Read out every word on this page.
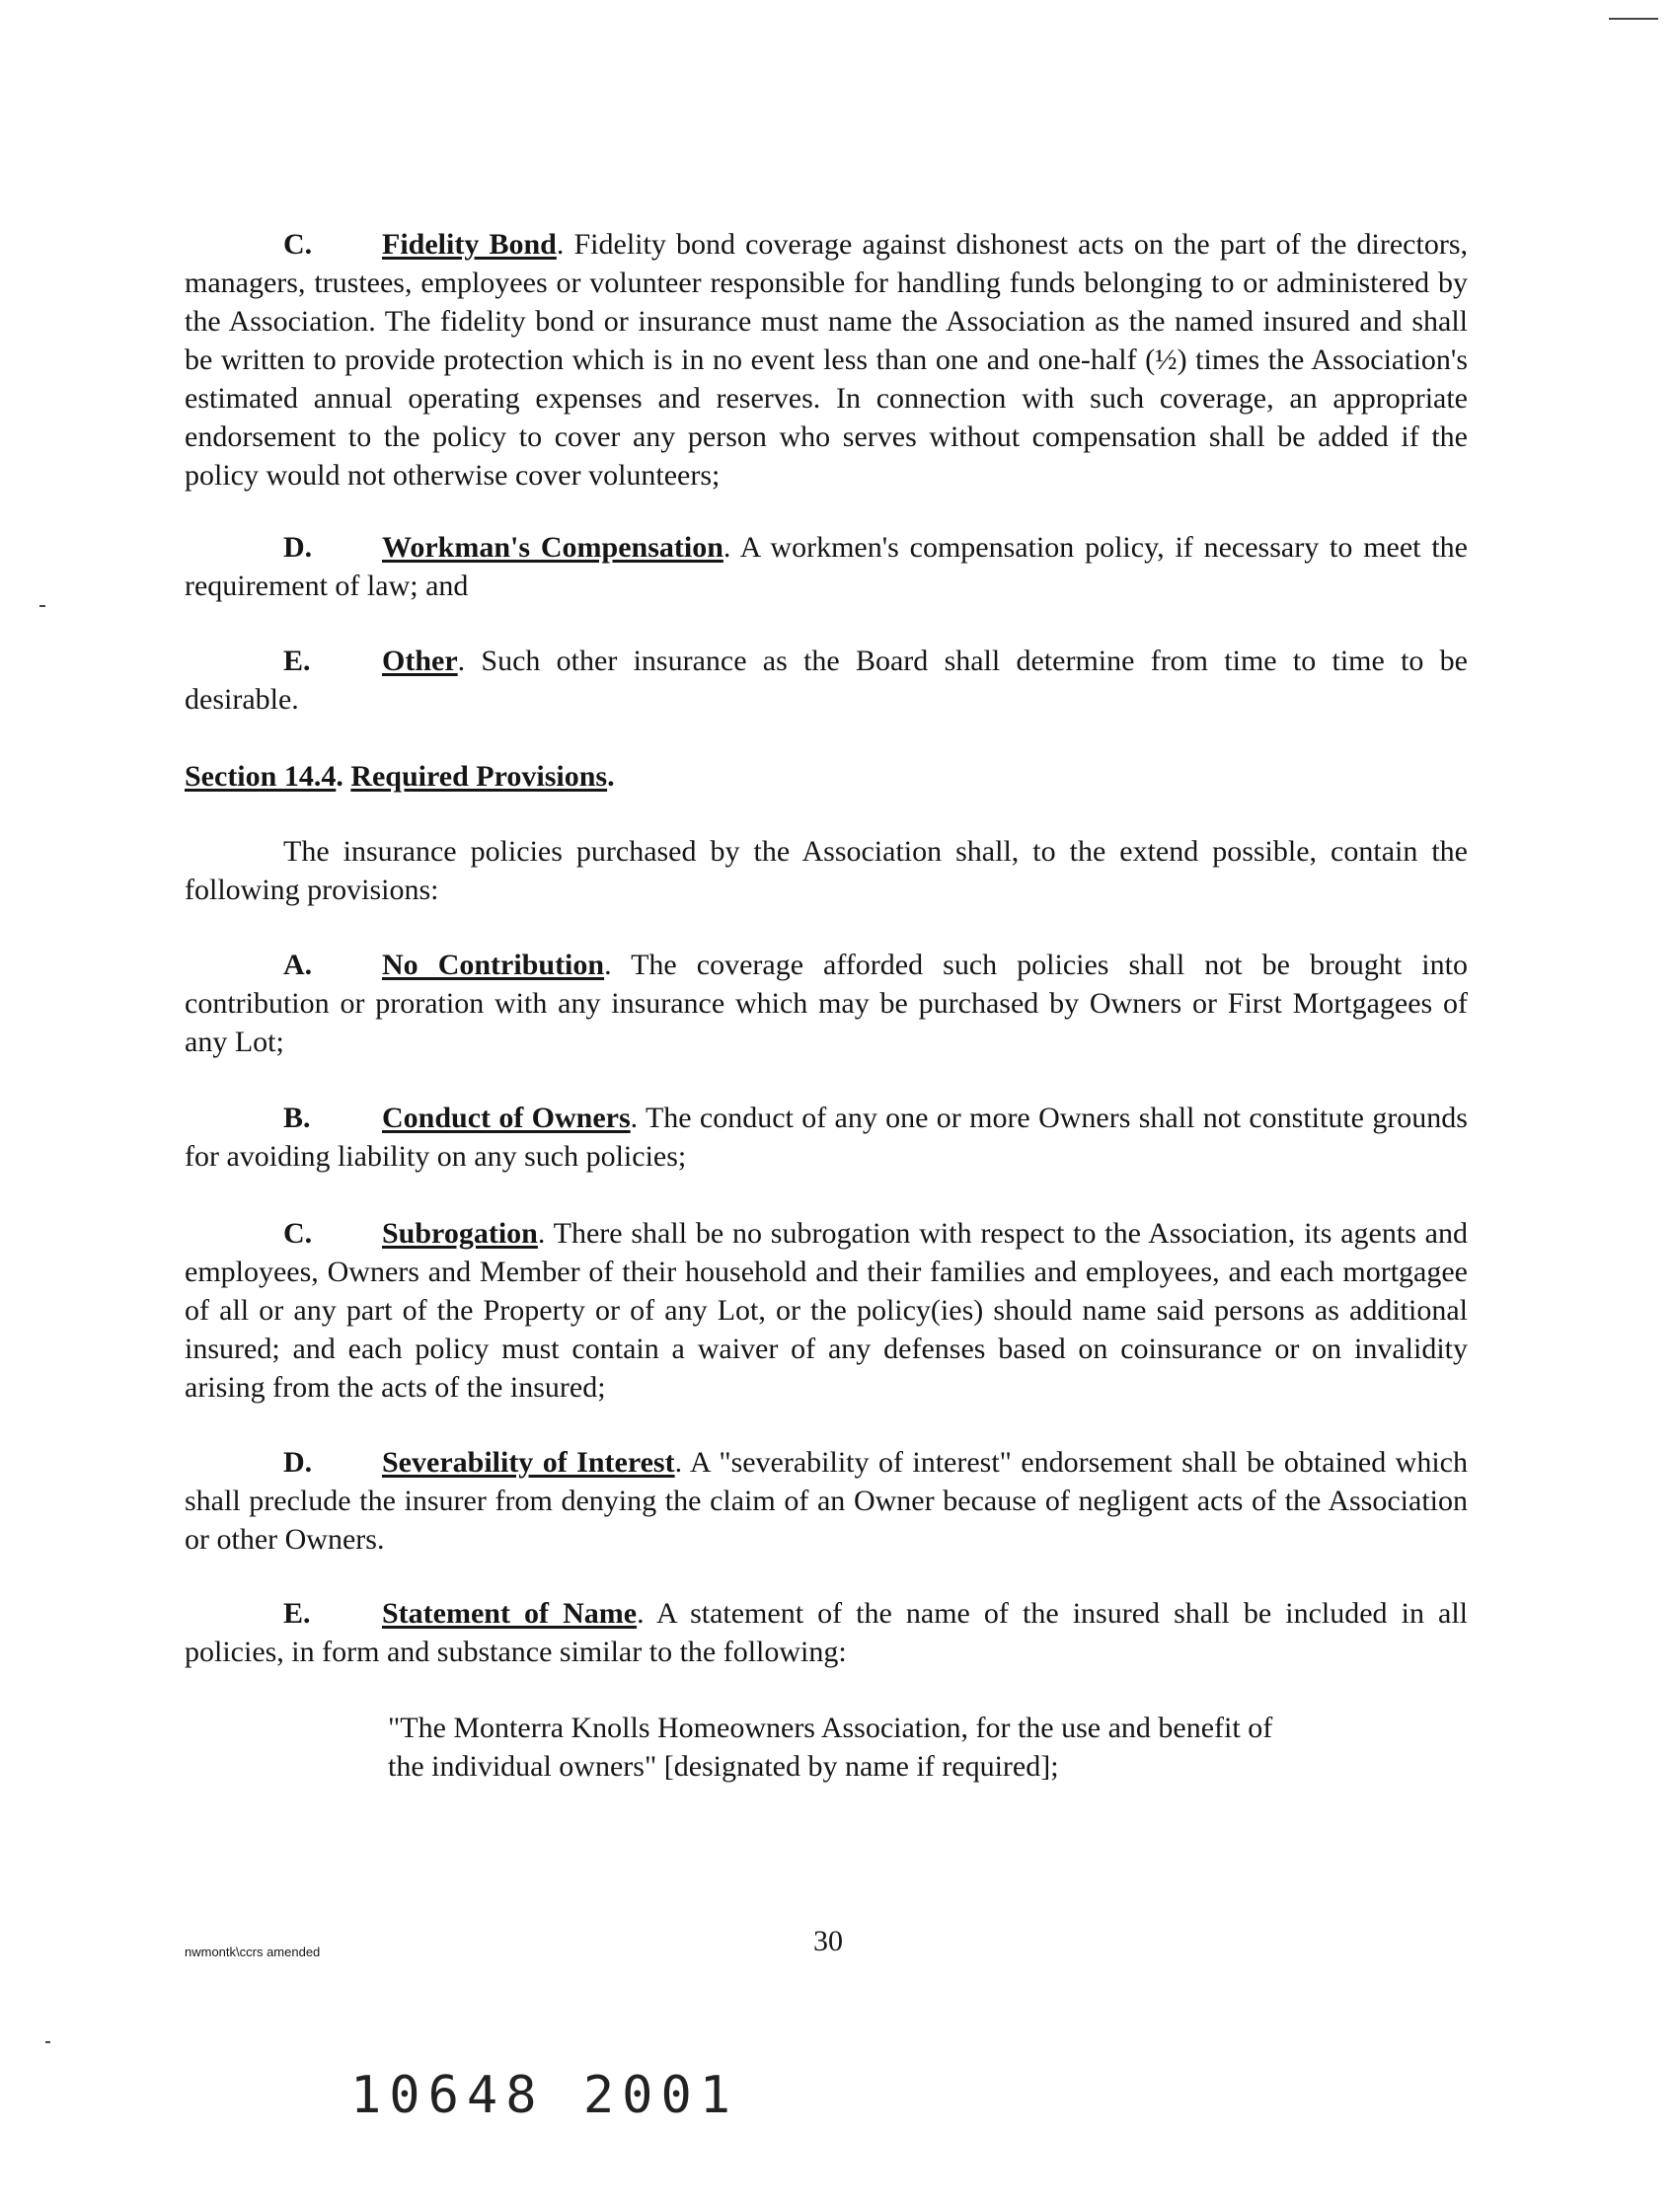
C. Fidelity Bond. Fidelity bond coverage against dishonest acts on the part of the directors, managers, trustees, employees or volunteer responsible for handling funds belonging to or administered by the Association. The fidelity bond or insurance must name the Association as the named insured and shall be written to provide protection which is in no event less than one and one-half (½) times the Association's estimated annual operating expenses and reserves. In connection with such coverage, an appropriate endorsement to the policy to cover any person who serves without compensation shall be added if the policy would not otherwise cover volunteers;
D. Workman's Compensation. A workmen's compensation policy, if necessary to meet the requirement of law; and
E. Other. Such other insurance as the Board shall determine from time to time to be desirable.
Section 14.4. Required Provisions.
The insurance policies purchased by the Association shall, to the extend possible, contain the following provisions:
A. No Contribution. The coverage afforded such policies shall not be brought into contribution or proration with any insurance which may be purchased by Owners or First Mortgagees of any Lot;
B. Conduct of Owners. The conduct of any one or more Owners shall not constitute grounds for avoiding liability on any such policies;
C. Subrogation. There shall be no subrogation with respect to the Association, its agents and employees, Owners and Member of their household and their families and employees, and each mortgagee of all or any part of the Property or of any Lot, or the policy(ies) should name said persons as additional insured; and each policy must contain a waiver of any defenses based on coinsurance or on invalidity arising from the acts of the insured;
D. Severability of Interest. A "severability of interest" endorsement shall be obtained which shall preclude the insurer from denying the claim of an Owner because of negligent acts of the Association or other Owners.
E. Statement of Name. A statement of the name of the insured shall be included in all policies, in form and substance similar to the following:
"The Monterra Knolls Homeowners Association, for the use and benefit of the individual owners" [designated by name if required];
nwmontk\ccrs amended	30
10648 2001
